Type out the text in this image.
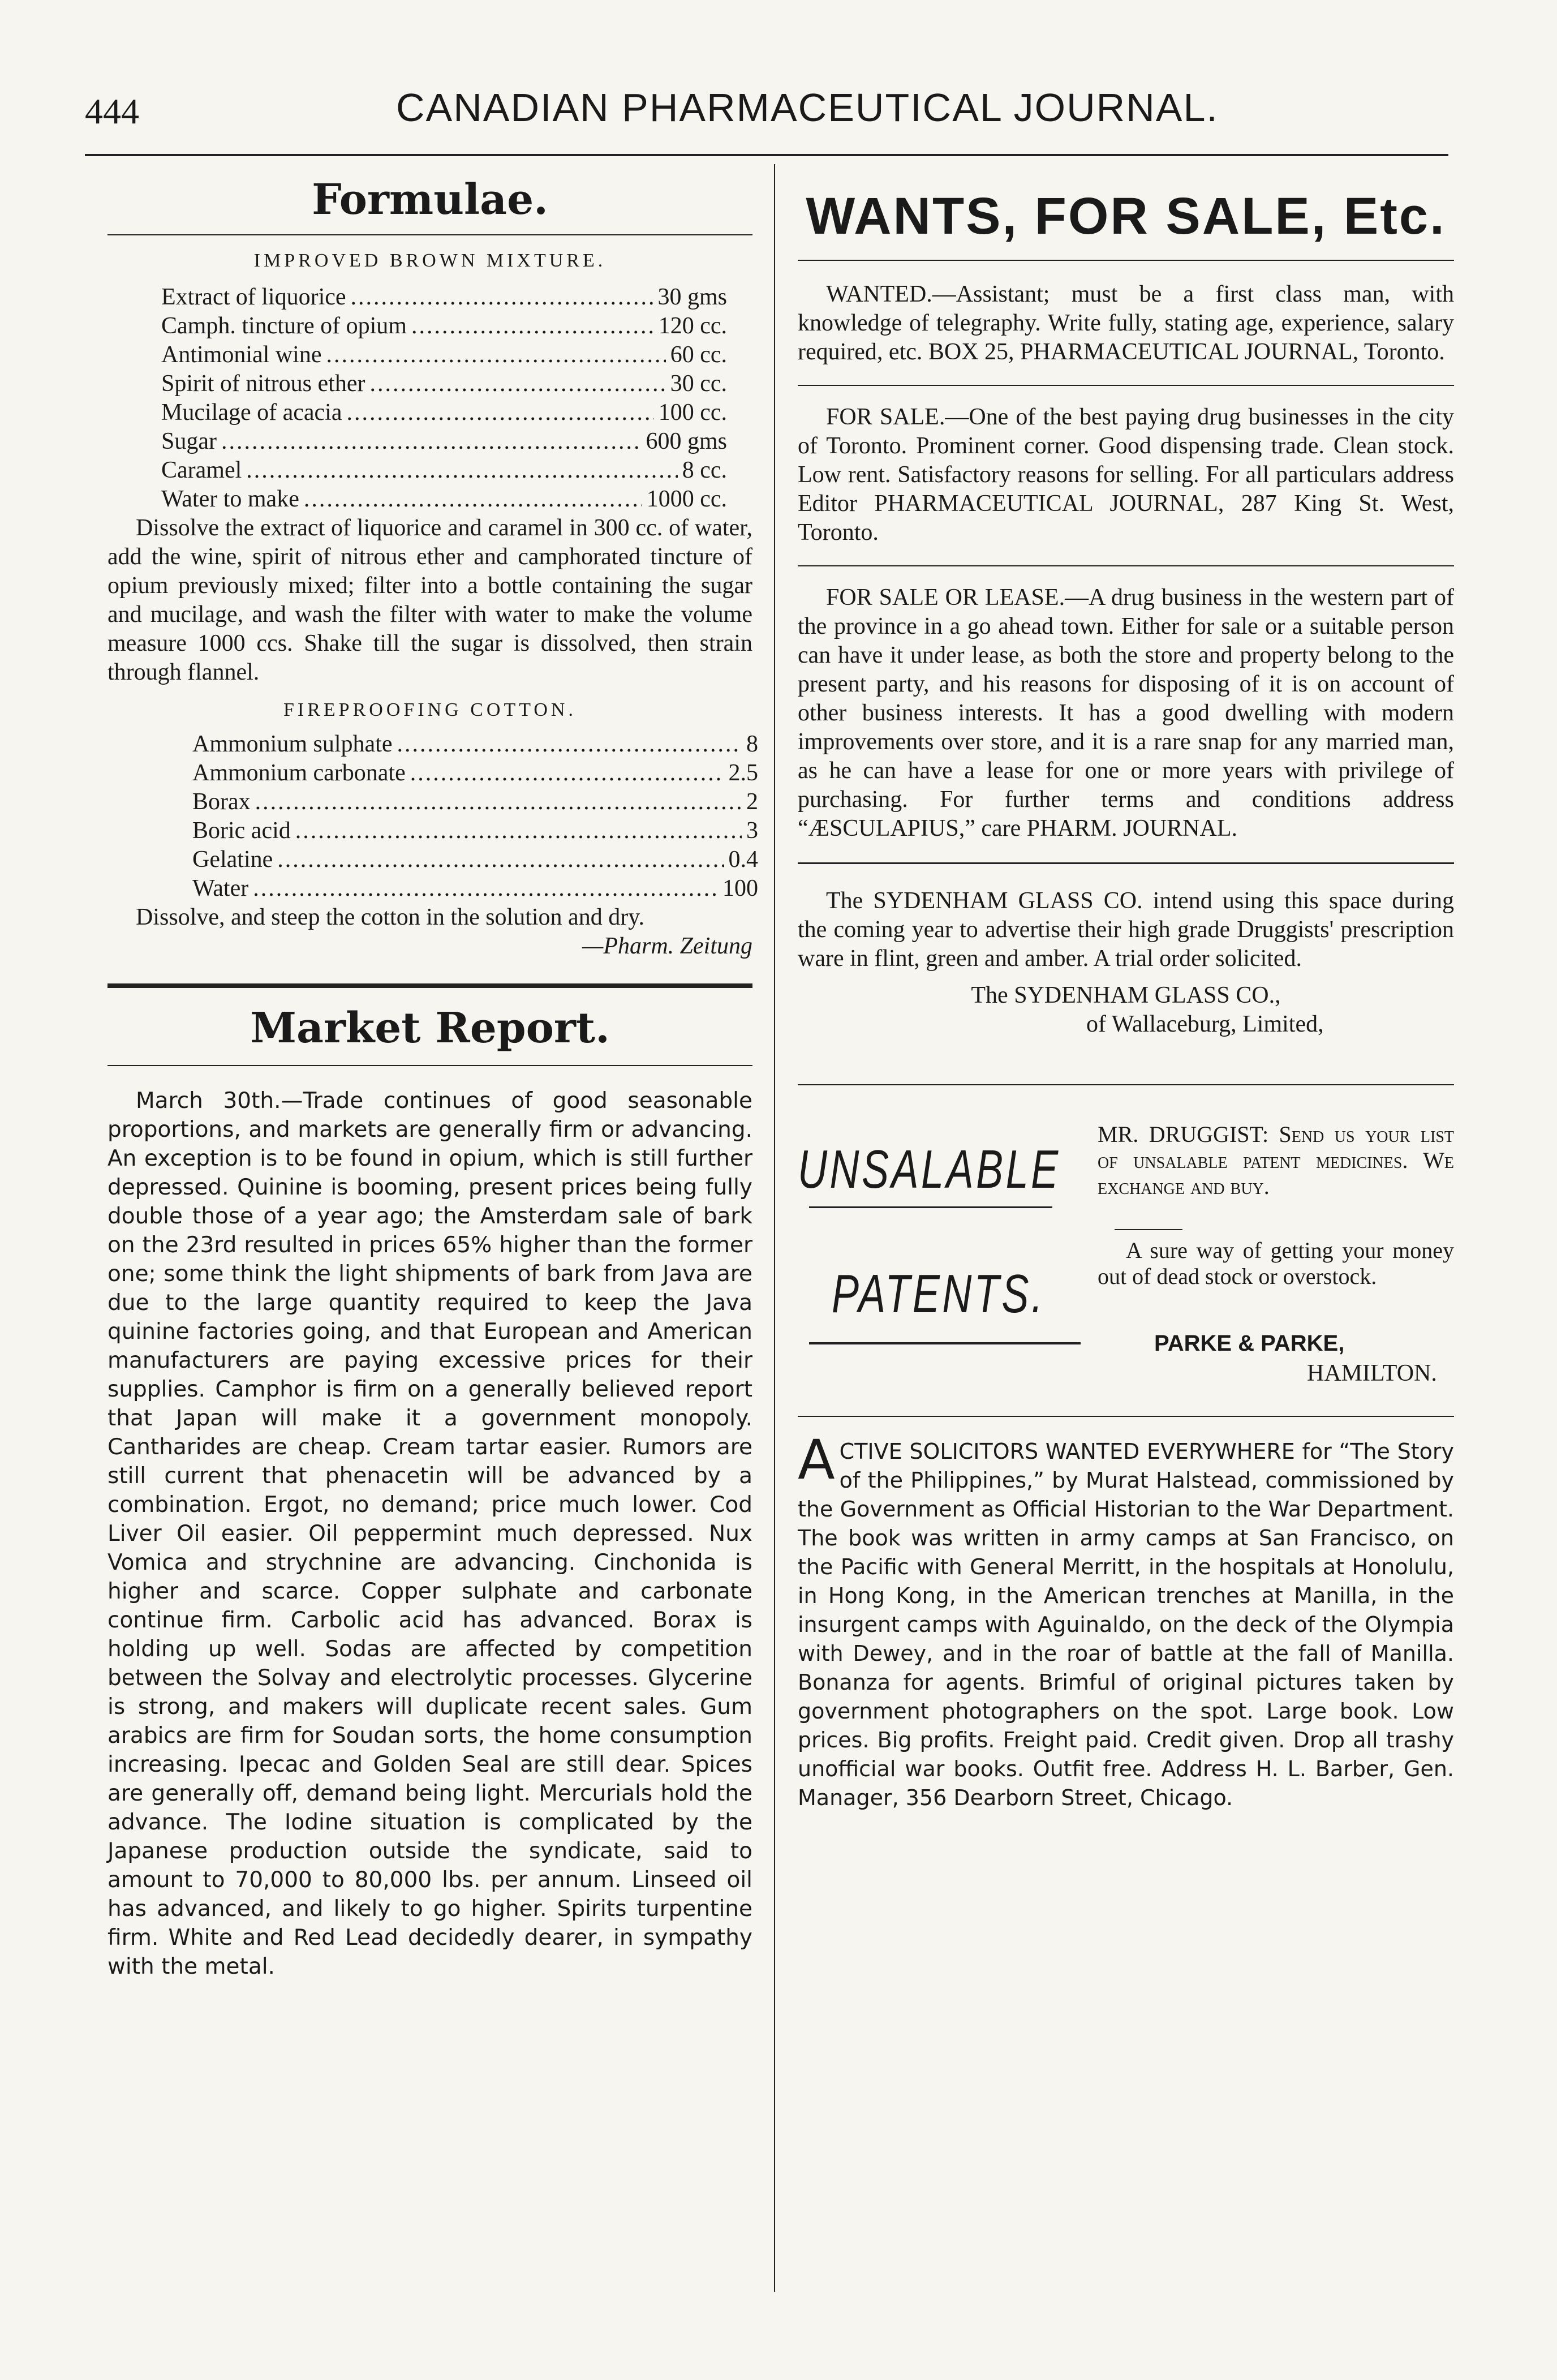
444	CANADIAN PHARMACEUTICAL JOURNAL.
Formulae.
IMPROVED BROWN MIXTURE.
Extract of liquorice .....	30 gms
Camph. tincture of opium .....	120 cc.
Antimonial wine .....	60 cc.
Spirit of nitrous ether .....	30 cc.
Mucilage of acacia .....	100 cc.
Sugar .....	600 gms
Caramel .....	8 cc.
Water to make .....	1000 cc.
Dissolve the extract of liquorice and caramel in 300 cc. of water, add the wine, spirit of nitrous ether and camphorated tincture of opium previously mixed; filter into a bottle containing the sugar and mucilage, and wash the filter with water to make the volume measure 1000 ccs. Shake till the sugar is dissolved, then strain through flannel.
FIREPROOFING COTTON.
Ammonium sulphate .....	8
Ammonium carbonate .....	2.5
Borax .....	2
Boric acid .....	3
Gelatine .....	0.4
Water .....	100
Dissolve, and steep the cotton in the solution and dry.
—Pharm. Zeitung
Market Report.
March 30th.—Trade continues of good seasonable proportions, and markets are generally firm or advancing. An exception is to be found in opium, which is still further depressed. Quinine is booming, present prices being fully double those of a year ago; the Amsterdam sale of bark on the 23rd resulted in prices 65% higher than the former one; some think the light shipments of bark from Java are due to the large quantity required to keep the Java quinine factories going, and that European and American manufacturers are paying excessive prices for their supplies. Camphor is firm on a generally believed report that Japan will make it a government monopoly. Cantharides are cheap. Cream tartar easier. Rumors are still current that phenacetin will be advanced by a combination. Ergot, no demand; price much lower. Cod Liver Oil easier. Oil peppermint much depressed. Nux Vomica and strychnine are advancing. Cinchonida is higher and scarce. Copper sulphate and carbonate continue firm. Carbolic acid has advanced. Borax is holding up well. Sodas are affected by competition between the Solvay and electrolytic processes. Glycerine is strong, and makers will duplicate recent sales. Gum arabics are firm for Soudan sorts, the home consumption increasing. Ipecac and Golden Seal are still dear. Spices are generally off, demand being light. Mercurials hold the advance. The Iodine situation is complicated by the Japanese production outside the syndicate, said to amount to 70,000 to 80,000 lbs. per annum. Linseed oil has advanced, and likely to go higher. Spirits turpentine firm. White and Red Lead decidedly dearer, in sympathy with the metal.
WANTS, FOR SALE, Etc.
WANTED.—Assistant; must be a first class man, with knowledge of telegraphy. Write fully, stating age, experience, salary required, etc. BOX 25, PHARMACEUTICAL JOURNAL, Toronto.
FOR SALE.—One of the best paying drug businesses in the city of Toronto. Prominent corner. Good dispensing trade. Clean stock. Low rent. Satisfactory reasons for selling. For all particulars address Editor PHARMACEUTICAL JOURNAL, 287 King St. West, Toronto.
FOR SALE OR LEASE.—A drug business in the western part of the province in a go ahead town. Either for sale or a suitable person can have it under lease, as both the store and property belong to the present party, and his reasons for disposing of it is on account of other business interests. It has a good dwelling with modern improvements over store, and it is a rare snap for any married man, as he can have a lease for one or more years with privilege of purchasing. For further terms and conditions address “ÆSCULAPIUS,” care PHARM. JOURNAL.
The SYDENHAM GLASS CO. intend using this space during the coming year to advertise their high grade Druggists' prescription ware in flint, green and amber. A trial order solicited.
The SYDENHAM GLASS CO.,
of Wallaceburg, Limited,
UNSALABLE
PATENTS.
MR. DRUGGIST: Send us your list of unsalable patent medicines. We exchange and buy.
A sure way of getting your money out of dead stock or overstock.
PARKE & PARKE,
HAMILTON.
ACTIVE SOLICITORS WANTED EVERYWHERE for “The Story of the Philippines,” by Murat Halstead, commissioned by the Government as Official Historian to the War Department. The book was written in army camps at San Francisco, on the Pacific with General Merritt, in the hospitals at Honolulu, in Hong Kong, in the American trenches at Manilla, in the insurgent camps with Aguinaldo, on the deck of the Olympia with Dewey, and in the roar of battle at the fall of Manilla. Bonanza for agents. Brimful of original pictures taken by government photographers on the spot. Large book. Low prices. Big profits. Freight paid. Credit given. Drop all trashy unofficial war books. Outfit free. Address H. L. Barber, Gen. Manager, 356 Dearborn Street, Chicago.
